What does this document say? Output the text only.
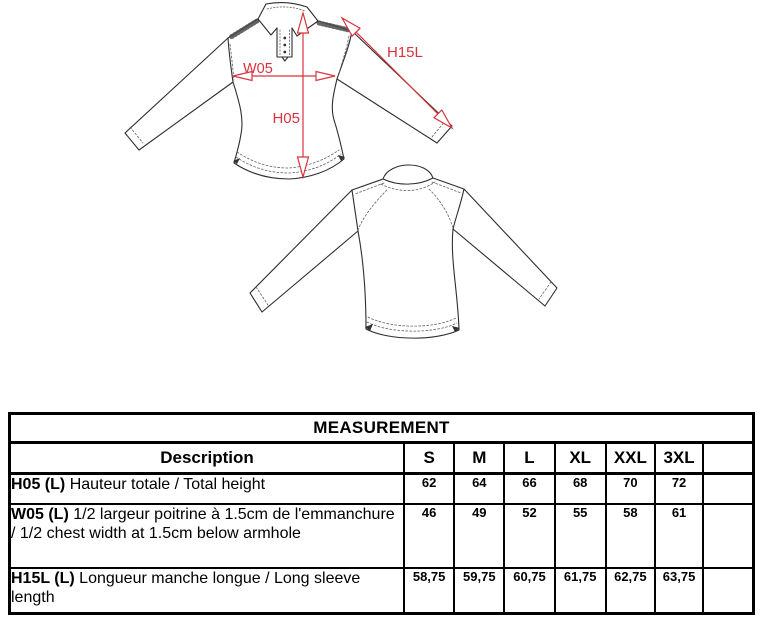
W05
H05
H15L
MEASUREMENT							
Description	S	M	L	XL	XXL	3XL	
H05 (L) Hauteur totale / Total height	62	64	66	68	70	72	
W05 (L) 1/2 largeur poitrine à 1.5cm de l'emmanchure / 1/2 chest width at 1.5cm below armhole	46	49	52	55	58	61	
H15L (L) Longueur manche longue / Long sleeve length	58,75	59,75	60,75	61,75	62,75	63,75	
